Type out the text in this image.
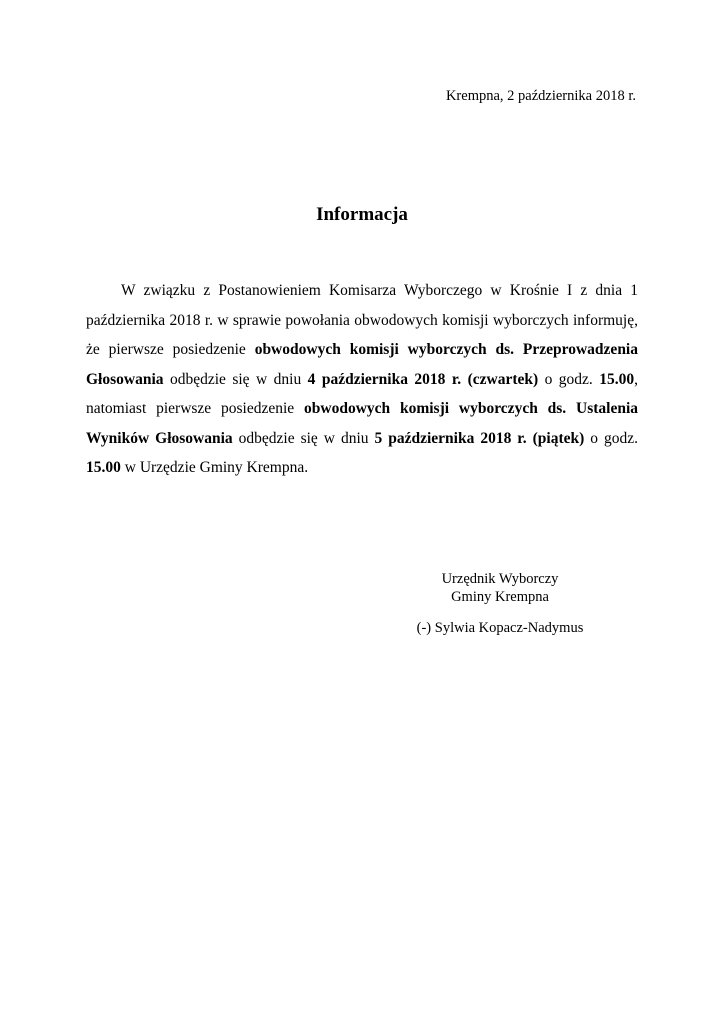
Krempna, 2 października 2018 r.
Informacja

W związku z Postanowieniem Komisarza Wyborczego w Krośnie I z dnia 1 października 2018 r. w sprawie powołania obwodowych komisji wyborczych informuję, że pierwsze posiedzenie obwodowych komisji wyborczych ds. Przeprowadzenia Głosowania odbędzie się w dniu 4 października 2018 r. (czwartek) o godz. 15.00, natomiast pierwsze posiedzenie obwodowych komisji wyborczych ds. Ustalenia Wyników Głosowania odbędzie się w dniu 5 października 2018 r. (piątek) o godz. 15.00 w Urzędzie Gminy Krempna.

Urzędnik Wyborczy
Gminy Krempna
(-) Sylwia Kopacz-Nadymus
